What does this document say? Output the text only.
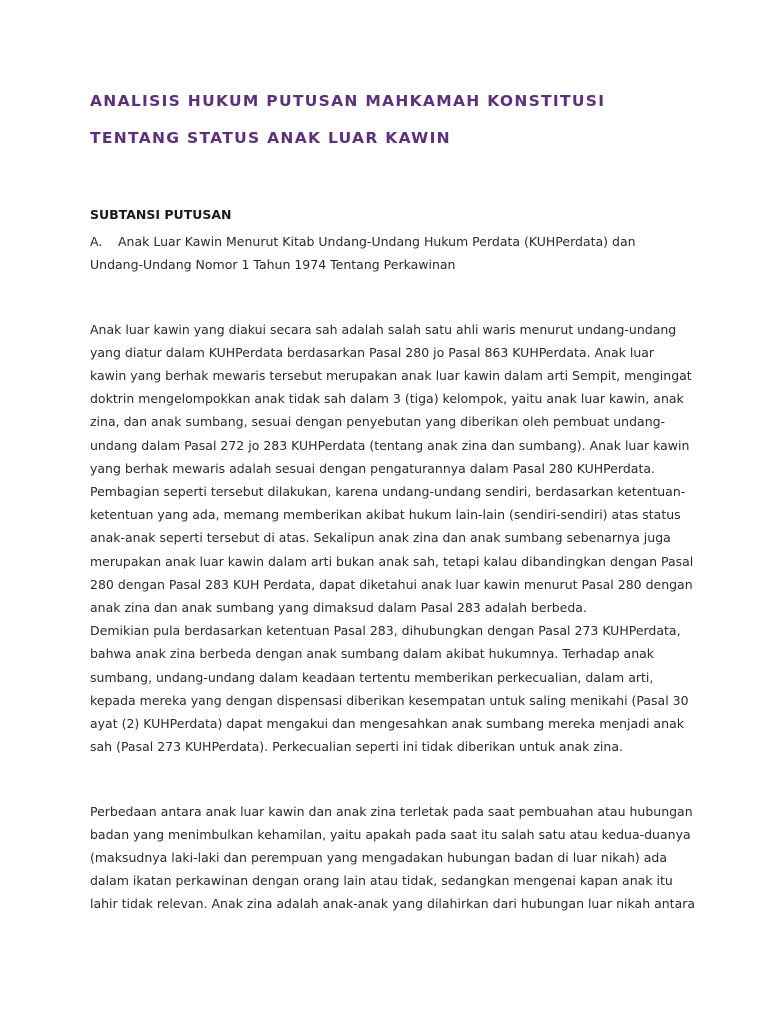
ANALISIS HUKUM PUTUSAN MAHKAMAH KONSTITUSI
TENTANG STATUS ANAK LUAR KAWIN
SUBTANSI PUTUSAN
A. Anak Luar Kawin Menurut Kitab Undang-Undang Hukum Perdata (KUHPerdata) dan
Undang-Undang Nomor 1 Tahun 1974 Tentang Perkawinan
Anak luar kawin yang diakui secara sah adalah salah satu ahli waris menurut undang-undang
yang diatur dalam KUHPerdata berdasarkan Pasal 280 jo Pasal 863 KUHPerdata. Anak luar
kawin yang berhak mewaris tersebut merupakan anak luar kawin dalam arti Sempit, mengingat
doktrin mengelompokkan anak tidak sah dalam 3 (tiga) kelompok, yaitu anak luar kawin, anak
zina, dan anak sumbang, sesuai dengan penyebutan yang diberikan oleh pembuat undang-
undang dalam Pasal 272 jo 283 KUHPerdata (tentang anak zina dan sumbang). Anak luar kawin
yang berhak mewaris adalah sesuai dengan pengaturannya dalam Pasal 280 KUHPerdata.
Pembagian seperti tersebut dilakukan, karena undang-undang sendiri, berdasarkan ketentuan-
ketentuan yang ada, memang memberikan akibat hukum lain-lain (sendiri-sendiri) atas status
anak-anak seperti tersebut di atas. Sekalipun anak zina dan anak sumbang sebenarnya juga
merupakan anak luar kawin dalam arti bukan anak sah, tetapi kalau dibandingkan dengan Pasal
280 dengan Pasal 283 KUH Perdata, dapat diketahui anak luar kawin menurut Pasal 280 dengan
anak zina dan anak sumbang yang dimaksud dalam Pasal 283 adalah berbeda.
Demikian pula berdasarkan ketentuan Pasal 283, dihubungkan dengan Pasal 273 KUHPerdata,
bahwa anak zina berbeda dengan anak sumbang dalam akibat hukumnya. Terhadap anak
sumbang, undang-undang dalam keadaan tertentu memberikan perkecualian, dalam arti,
kepada mereka yang dengan dispensasi diberikan kesempatan untuk saling menikahi (Pasal 30
ayat (2) KUHPerdata) dapat mengakui dan mengesahkan anak sumbang mereka menjadi anak
sah (Pasal 273 KUHPerdata). Perkecualian seperti ini tidak diberikan untuk anak zina.
Perbedaan antara anak luar kawin dan anak zina terletak pada saat pembuahan atau hubungan
badan yang menimbulkan kehamilan, yaitu apakah pada saat itu salah satu atau kedua-duanya
(maksudnya laki-laki dan perempuan yang mengadakan hubungan badan di luar nikah) ada
dalam ikatan perkawinan dengan orang lain atau tidak, sedangkan mengenai kapan anak itu
lahir tidak relevan. Anak zina adalah anak-anak yang dilahirkan dari hubungan luar nikah antara
